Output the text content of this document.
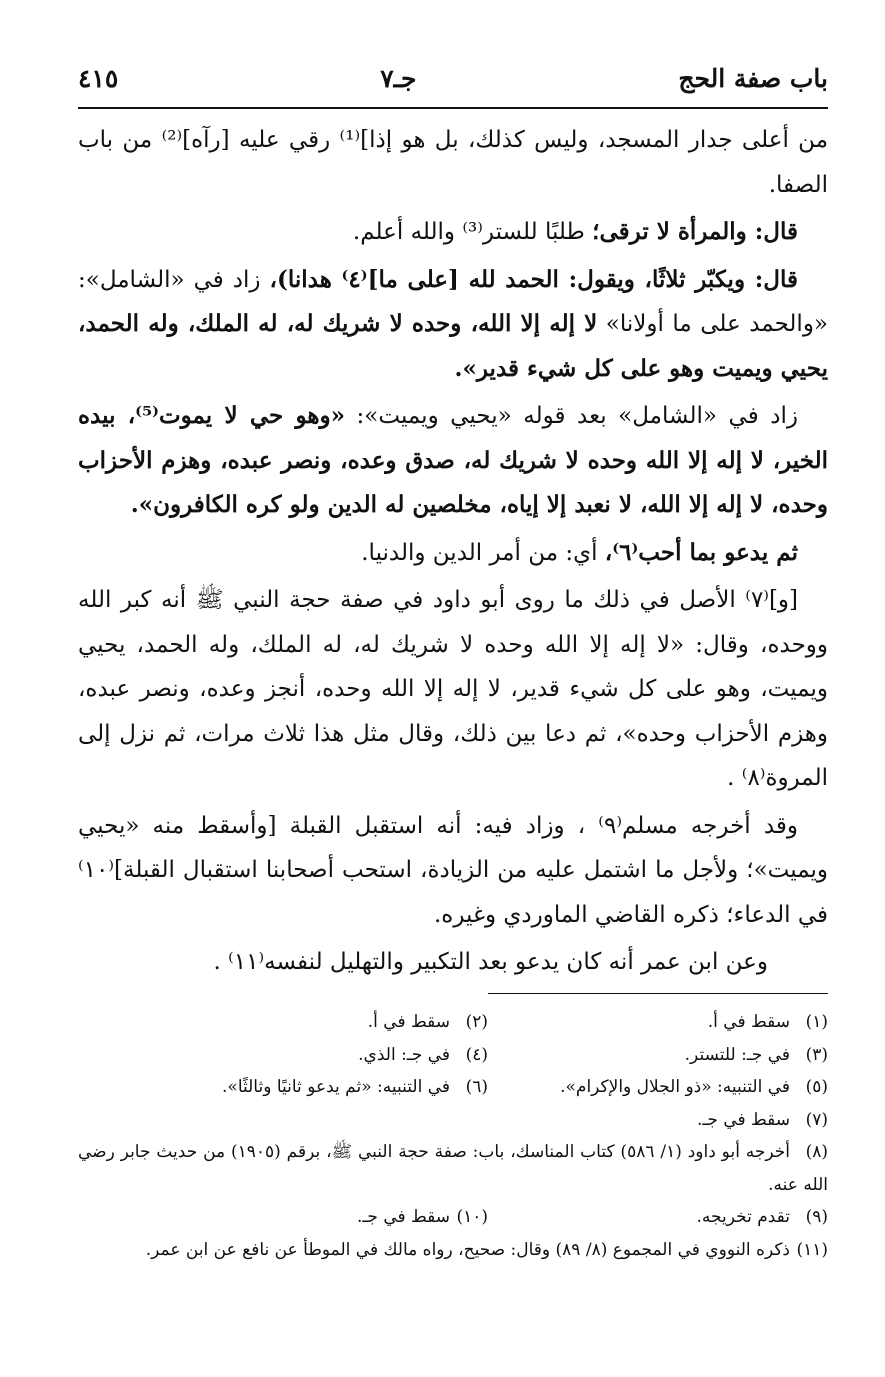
باب صفة الحج
جـ٧
٤١٥

من أعلى جدار المسجد، وليس كذلك، بل هو إذا]⁽¹⁾ رقي عليه [رآه]⁽²⁾ من باب الصفا.

قال: والمرأة لا ترقى؛ طلبًا للستر⁽³⁾ والله أعلم.

قال: ويكبّر ثلاثًا، ويقول: الحمد لله [على ما]⁽٤⁾ هدانا)، زاد في «الشامل»: «والحمد على ما أولانا» لا إله إلا الله، وحده لا شريك له، له الملك، وله الحمد، يحيي ويميت وهو على كل شيء قدير».

زاد في «الشامل» بعد قوله «يحيي ويميت»: «وهو حي لا يموت⁽⁵⁾، بيده الخير، لا إله إلا الله وحده لا شريك له، صدق وعده، ونصر عبده، وهزم الأحزاب وحده، لا إله إلا الله، لا نعبد إلا إياه، مخلصين له الدين ولو كره الكافرون».

ثم يدعو بما أحب⁽٦⁾، أي: من أمر الدين والدنيا.

[و]⁽٧⁾ الأصل في ذلك ما روى أبو داود في صفة حجة النبي ﷺ أنه كبر الله ووحده، وقال: «لا إله إلا الله وحده لا شريك له، له الملك، وله الحمد، يحيي ويميت، وهو على كل شيء قدير، لا إله إلا الله وحده، أنجز وعده، ونصر عبده، وهزم الأحزاب وحده»، ثم دعا بين ذلك، وقال مثل هذا ثلاث مرات، ثم نزل إلى المروة⁽٨⁾ .

وقد أخرجه مسلم⁽٩⁾ ، وزاد فيه: أنه استقبل القبلة [وأسقط منه «يحيي ويميت»؛ ولأجل ما اشتمل عليه من الزيادة، استحب أصحابنا استقبال القبلة]⁽١٠⁾ في الدعاء؛ ذكره القاضي الماوردي وغيره.

وعن ابن عمر أنه كان يدعو بعد التكبير والتهليل لنفسه⁽١١⁾ .

(١)سقط في أ.
(٢)سقط في أ.
(٣)في جـ: للتستر.
(٤)في جـ: الذي.
(٥)في التنبيه: «ذو الجلال والإكرام».
(٦)في التنبيه: «ثم يدعو ثانيًا وثالثًا».
(٧)سقط في جـ.
(٨)أخرجه أبو داود (١/ ٥٨٦) كتاب المناسك، باب: صفة حجة النبي ﷺ، برقم (١٩٠٥) من حديث جابر رضي الله عنه.
(٩)تقدم تخريجه.
(١٠)سقط في جـ.
(١١)ذكره النووي في المجموع (٨/ ٨٩) وقال: صحيح، رواه مالك في الموطأ عن نافع عن ابن عمر.
